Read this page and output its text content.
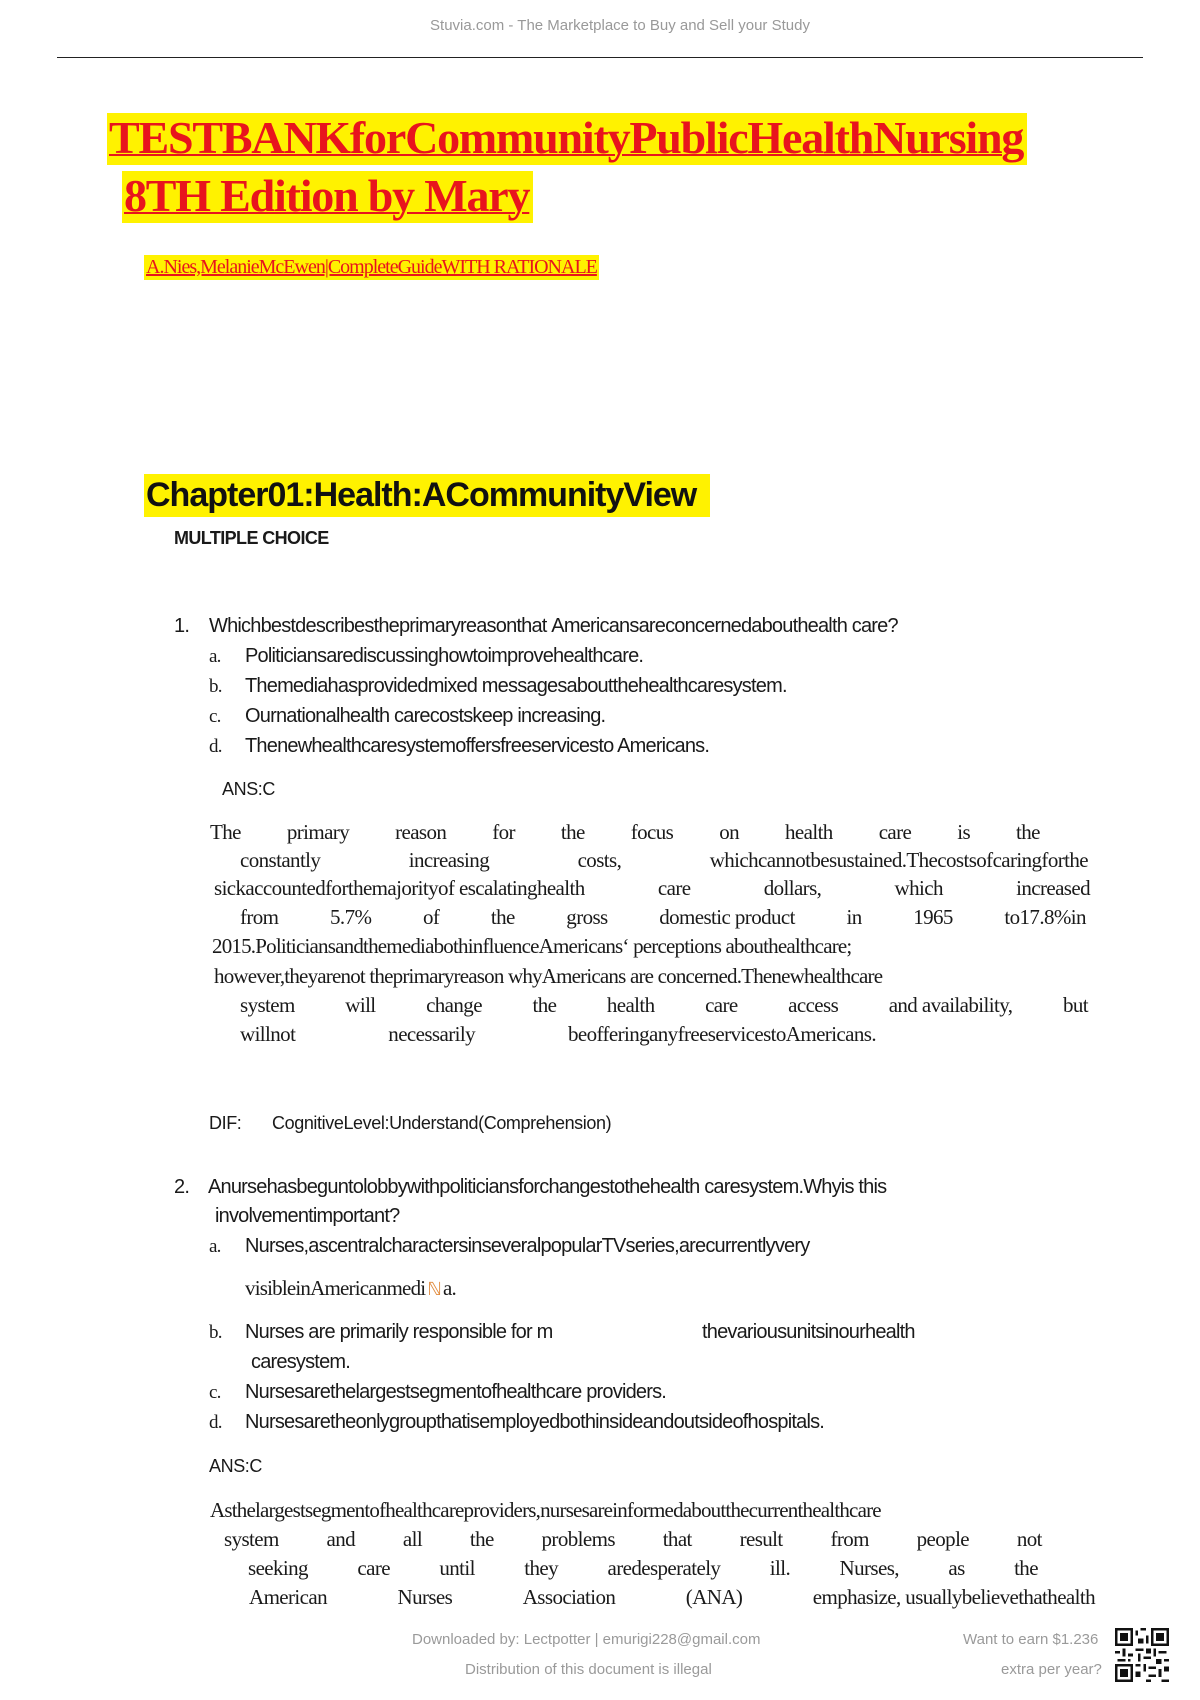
Stuvia.com - The Marketplace to Buy and Sell your Study
TESTBANKforCommunityPublicHealthNursing
8TH Edition by Mary
A.Nies,MelanieMcEwen|CompleteGuideWITH RATIONALE
Chapter01:Health:ACommunityView
MULTIPLE CHOICE
1. Whichbestdescribestheprimaryreasonthat Americansareconcernedabouthealth care?
a. Politiciansarediscussinghowtoimprovehealthcare.
b. Themediahasprovidedmixed messagesaboutthehealthcaresystem.
c. Ournationalhealth carecostskeep increasing.
d. Thenewhealthcaresystemoffersfreeservicesto Americans.
ANS:C
The primary reason for the focus on health care is the
constantly	increasing	costs,	whichcannotbesustained.Thecostsofcaringforthe
sickaccountedforthemajorityof escalatinghealth	care	dollars,	which	increased
from 5.7% of the gross domestic product in 1965 to17.8%in
2015.PoliticiansandthemediabothinfluenceAmericans‘ perceptions abouthealthcare;
however,theyarenot theprimaryreason whyAmericans are concerned.Thenewhealthcare
system will change the health care access and availability, but
willnot	necessarily	beofferinganyfreeservicestoAmericans.
DIF: CognitiveLevel:Understand(Comprehension)
2. Anursehasbeguntolobbywithpoliticiansforchangestothehealth caresystem.Whyis this
involvementimportant?
a. Nurses,ascentralcharactersinseveralpopularTVseries,arecurrentlyvery
visibleinAmericanmedi ℕa.
b. Nurses are primarily responsible for m	thevariousunitsinourhealth
caresystem.
c. Nursesarethelargestsegmentofhealthcare providers.
d. Nursesaretheonlygroupthatisemployedbothinsideandoutsideofhospitals.
ANS:C
Asthelargestsegmentofhealthcareproviders,nursesareinformedaboutthecurrenthealthcare
system and all the problems that result from people not
seeking care until they aredesperately ill. Nurses, as the
American	Nurses	Association	(ANA)	emphasize, usuallybelievethathealth
Downloaded by: Lectpotter | emurigi228@gmail.com
Distribution of this document is illegal
Want to earn $1.236
extra per year?
